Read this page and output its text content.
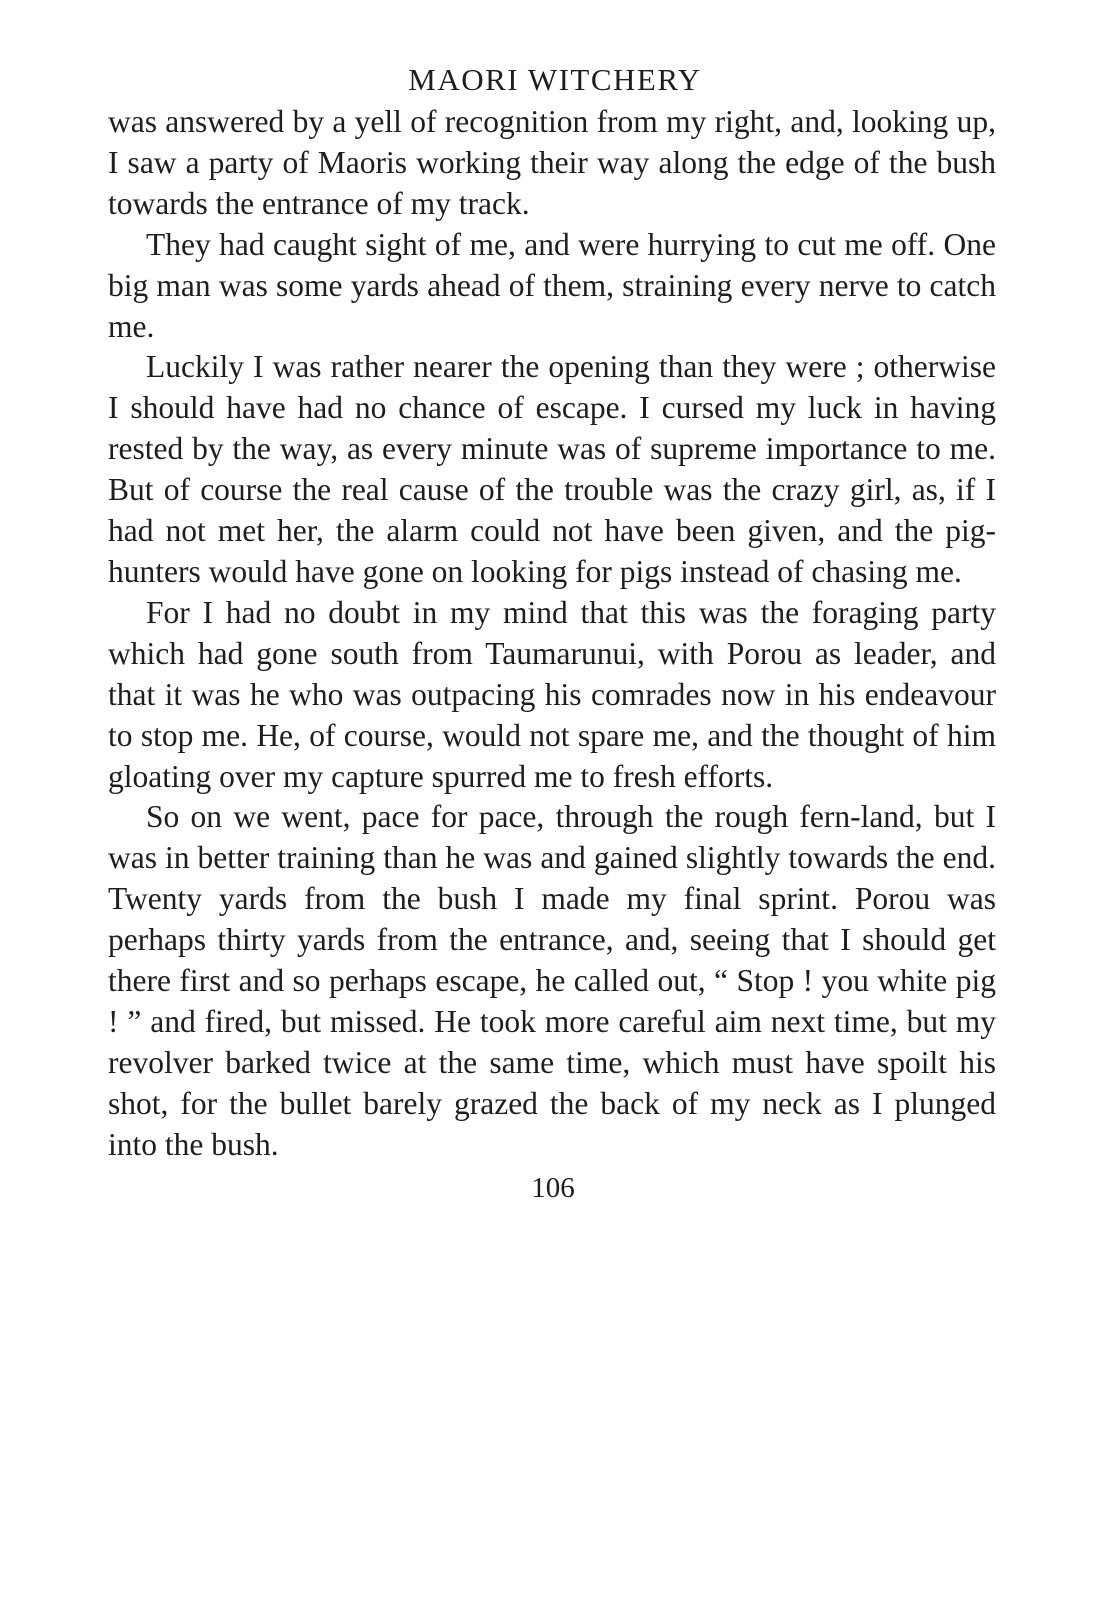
MAORI WITCHERY

was answered by a yell of recognition from my right, and, looking up, I saw a party of Maoris working their way along the edge of the bush towards the entrance of my track.

They had caught sight of me, and were hurrying to cut me off. One big man was some yards ahead of them, straining every nerve to catch me.

Luckily I was rather nearer the opening than they were ; otherwise I should have had no chance of escape. I cursed my luck in having rested by the way, as every minute was of supreme importance to me. But of course the real cause of the trouble was the crazy girl, as, if I had not met her, the alarm could not have been given, and the pig-hunters would have gone on looking for pigs instead of chasing me.

For I had no doubt in my mind that this was the foraging party which had gone south from Taumarunui, with Porou as leader, and that it was he who was outpacing his comrades now in his endeavour to stop me. He, of course, would not spare me, and the thought of him gloating over my capture spurred me to fresh efforts.

So on we went, pace for pace, through the rough fern-land, but I was in better training than he was and gained slightly towards the end. Twenty yards from the bush I made my final sprint. Porou was perhaps thirty yards from the entrance, and, seeing that I should get there first and so perhaps escape, he called out, “ Stop ! you white pig ! ” and fired, but missed. He took more careful aim next time, but my revolver barked twice at the same time, which must have spoilt his shot, for the bullet barely grazed the back of my neck as I plunged into the bush.

106
